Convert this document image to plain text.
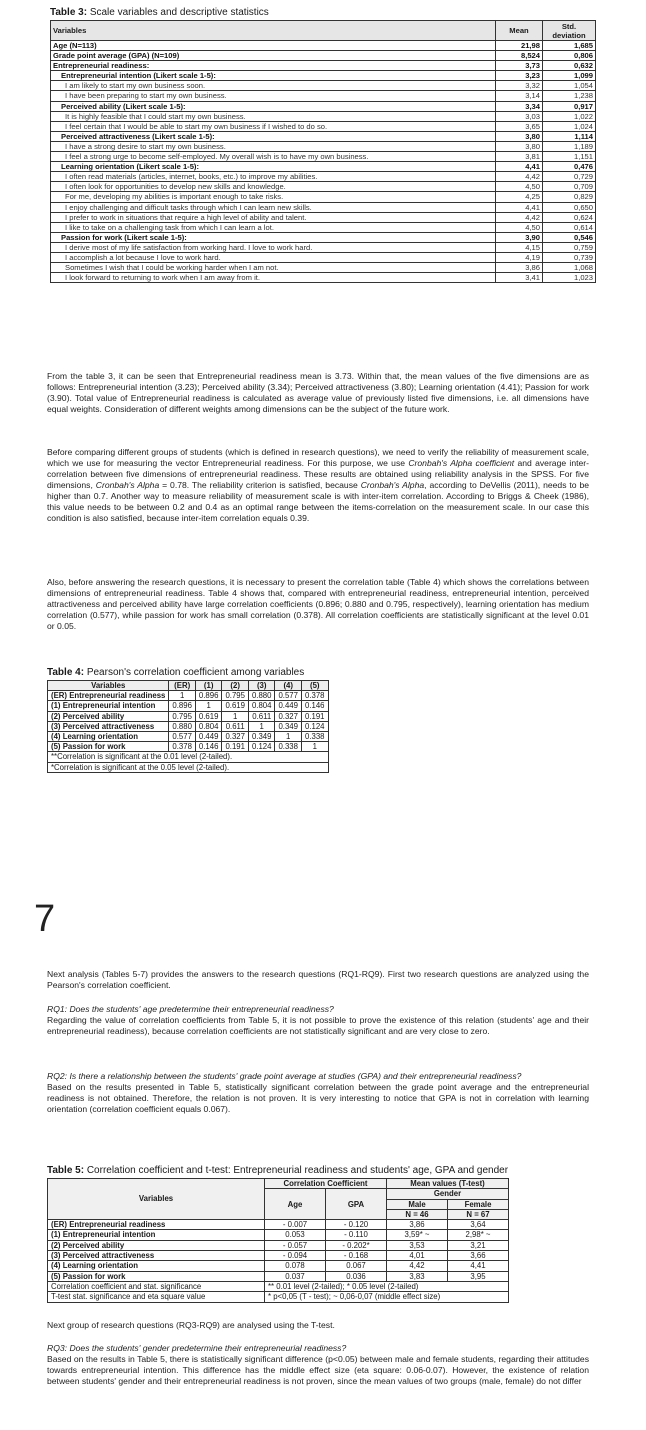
Table 3: Scale variables and descriptive statistics
Variables	Mean	Std. deviation
Age (N=113)	21,98	1,685
Grade point average (GPA) (N=109)	8,524	0,806
Entrepreneurial readiness:	3,73	0,632
Entrepreneurial intention (Likert scale 1-5):	3,23	1,099
I am likely to start my own business soon.	3,32	1,054
I have been preparing to start my own business.	3,14	1,238
Perceived ability (Likert scale 1-5):	3,34	0,917
It is highly feasible that I could start my own business.	3,03	1,022
I feel certain that I would be able to start my own business if I wished to do so.	3,65	1,024
Perceived attractiveness (Likert scale 1-5):	3,80	1,114
I have a strong desire to start my own business.	3,80	1,189
I feel a strong urge to become self-employed. My overall wish is to have my own business.	3,81	1,151
Learning orientation (Likert scale 1-5):	4,41	0,476
I often read materials (articles, internet, books, etc.) to improve my abilities.	4,42	0,729
I often look for opportunities to develop new skills and knowledge.	4,50	0,709
For me, developing my abilities is important enough to take risks.	4,25	0,829
I enjoy challenging and difficult tasks through which I can learn new skills.	4,41	0,650
I prefer to work in situations that require a high level of ability and talent.	4,42	0,624
I like to take on a challenging task from which I can learn a lot.	4,50	0,614
Passion for work (Likert scale 1-5):	3,90	0,546
I derive most of my life satisfaction from working hard. I love to work hard.	4,15	0,759
I accomplish a lot because I love to work hard.	4,19	0,739
Sometimes I wish that I could be working harder when I am not.	3,86	1,068
I look forward to returning to work when I am away from it.	3,41	1,023
From the table 3, it can be seen that Entrepreneurial readiness mean is 3.73. Within that, the mean values of the five dimensions are as follows: Entrepreneurial intention (3.23); Perceived ability (3.34); Perceived attractiveness (3.80); Learning orientation (4.41); Passion for work (3.90). Total value of Entrepreneurial readiness is calculated as average value of previously listed five dimensions, i.e. all dimensions have equal weights. Consideration of different weights among dimensions can be the subject of the future work.
Before comparing different groups of students (which is defined in research questions), we need to verify the reliability of measurement scale, which we use for measuring the vector Entrepreneurial readiness. For this purpose, we use Cronbah's Alpha coefficient and average inter-correlation between five dimensions of entrepreneurial readiness. These results are obtained using reliability analysis in the SPSS. For five dimensions, Cronbah's Alpha = 0.78. The reliability criterion is satisfied, because Cronbah's Alpha, according to DeVellis (2011), needs to be higher than 0.7. Another way to measure reliability of measurement scale is with inter-item correlation. According to Briggs & Cheek (1986), this value needs to be between 0.2 and 0.4 as an optimal range between the items-correlation on the measurement scale. In our case this condition is also satisfied, because inter-item correlation equals 0.39.
Also, before answering the research questions, it is necessary to present the correlation table (Table 4) which shows the correlations between dimensions of entrepreneurial readiness. Table 4 shows that, compared with entrepreneurial readiness, entrepreneurial intention, perceived attractiveness and perceived ability have large correlation coefficients (0.896; 0.880 and 0.795, respectively), learning orientation has medium correlation (0.577), while passion for work has small correlation (0.378). All correlation coefficients are statistically significant at the level 0.01 or 0.05.
Table 4: Pearson's correlation coefficient among variables
Variables	(ER)	(1)	(2)	(3)	(4)	(5)
(ER) Entrepreneurial readiness	1	0.896	0.795	0.880	0.577	0.378
(1) Entrepreneurial intention	0.896	1	0.619	0.804	0.449	0.146
(2) Perceived ability	0.795	0.619	1	0.611	0.327	0.191
(3) Perceived attractiveness	0.880	0.804	0.611	1	0.349	0.124
(4) Learning orientation	0.577	0.449	0.327	0.349	1	0.338
(5) Passion for work	0.378	0.146	0.191	0.124	0.338	1
**Correlation is significant at the 0.01 level (2-tailed).						
*Correlation is significant at the 0.05 level (2-tailed).						
7
Next analysis (Tables 5-7) provides the answers to the research questions (RQ1-RQ9). First two research questions are analyzed using the Pearson's correlation coefficient.
RQ1: Does the students' age predetermine their entrepreneurial readiness?
Regarding the value of correlation coefficients from Table 5, it is not possible to prove the existence of this relation (students' age and their entrepreneurial readiness), because correlation coefficients are not statistically significant and are very close to zero.
RQ2: Is there a relationship between the students' grade point average at studies (GPA) and their entrepreneurial readiness?
Based on the results presented in Table 5, statistically significant correlation between the grade point average and the entrepreneurial readiness is not obtained. Therefore, the relation is not proven. It is very interesting to notice that GPA is not in correlation with learning orientation (correlation coefficient equals 0.067).
Table 5: Correlation coefficient and t-test: Entrepreneurial readiness and students' age, GPA and gender
Variables	Correlation Coefficient		Mean values (T-test)	
	Age	GPA	Gender	
			Male	Female
			N = 46	N = 67
(ER) Entrepreneurial readiness	- 0.007	- 0.120	3,86	3,64
(1) Entrepreneurial intention	0.053	- 0.110	3,59* ~	2,98* ~
(2) Perceived ability	- 0.057	- 0.202*	3,53	3,21
(3) Perceived attractiveness	- 0.094	- 0.168	4,01	3,66
(4) Learning orientation	0.078	0.067	4,42	4,41
(5) Passion for work	0.037	0.036	3,83	3,95
Correlation coefficient and stat. significance	** 0.01 level (2-tailed); * 0.05 level (2-tailed)			
T-test stat. significance and eta square value	* p<0,05 (T - test); ~ 0,06-0,07 (middle effect size)			
Next group of research questions (RQ3-RQ9) are analysed using the T-test.
RQ3: Does the students' gender predetermine their entrepreneurial readiness?
Based on the results in Table 5, there is statistically significant difference (p<0.05) between male and female students, regarding their attitudes towards entrepreneurial intention. This difference has the middle effect size (eta square: 0.06-0.07). However, the existence of relation between students' gender and their entrepreneurial readiness is not proven, since the mean values of two groups (male, female) do not differ
